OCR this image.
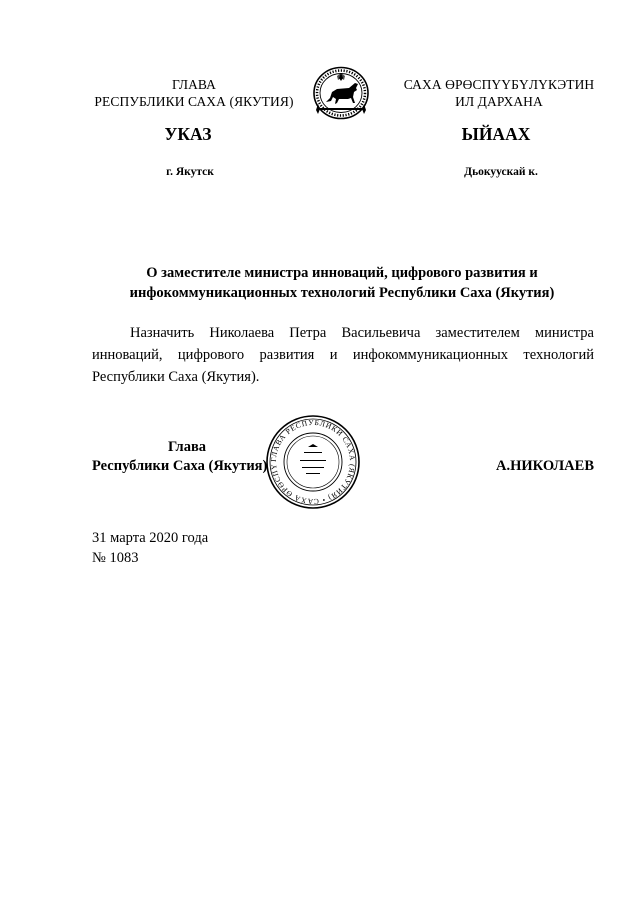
ГЛАВА
РЕСПУБЛИКИ САХА (ЯКУТИЯ)
САХА ӨРӨСПҮҮБҮЛҮКЭТИН
ИЛ ДАРХАНА
УКАЗ	ЫЙААХ
г. Якутск	Дьокуускай к.
О заместителе министра инноваций, цифрового развития и
инфокоммуникационных технологий Республики Саха (Якутия)

Назначить Николаева Петра Васильевича заместителем министра инноваций, цифрового развития и инфокоммуникационных технологий Республики Саха (Якутия).

Глава
Республики Саха (Якутия) ГЛАВА РЕСПУБЛИКИ САХА (ЯКУТИЯ) • САХА ӨРӨСПҮ	А.НИКОЛАЕВ
31 марта 2020 года
№ 1083
